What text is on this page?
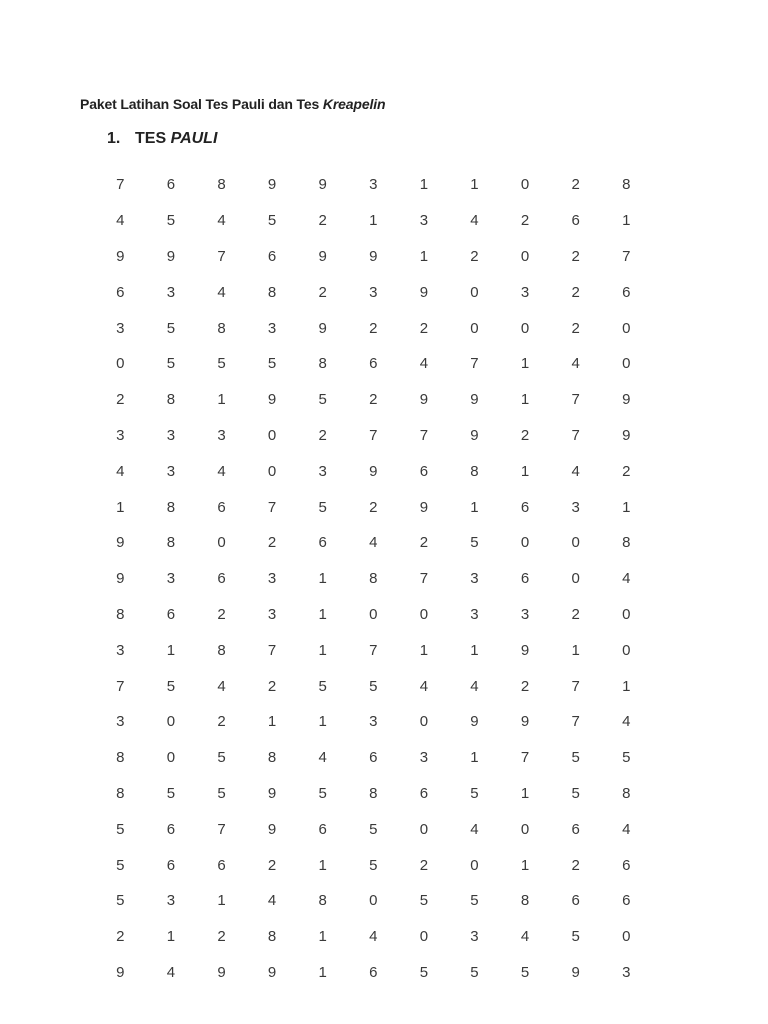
Paket Latihan Soal Tes Pauli dan Tes Kreapelin
1. TES PAULI
7	6	8	9	9	3	1	1	0	2	8
4	5	4	5	2	1	3	4	2	6	1
9	9	7	6	9	9	1	2	0	2	7
6	3	4	8	2	3	9	0	3	2	6
3	5	8	3	9	2	2	0	0	2	0
0	5	5	5	8	6	4	7	1	4	0
2	8	1	9	5	2	9	9	1	7	9
3	3	3	0	2	7	7	9	2	7	9
4	3	4	0	3	9	6	8	1	4	2
1	8	6	7	5	2	9	1	6	3	1
9	8	0	2	6	4	2	5	0	0	8
9	3	6	3	1	8	7	3	6	0	4
8	6	2	3	1	0	0	3	3	2	0
3	1	8	7	1	7	1	1	9	1	0
7	5	4	2	5	5	4	4	2	7	1
3	0	2	1	1	3	0	9	9	7	4
8	0	5	8	4	6	3	1	7	5	5
8	5	5	9	5	8	6	5	1	5	8
5	6	7	9	6	5	0	4	0	6	4
5	6	6	2	1	5	2	0	1	2	6
5	3	1	4	8	0	5	5	8	6	6
2	1	2	8	1	4	0	3	4	5	0
9	4	9	9	1	6	5	5	5	9	3
